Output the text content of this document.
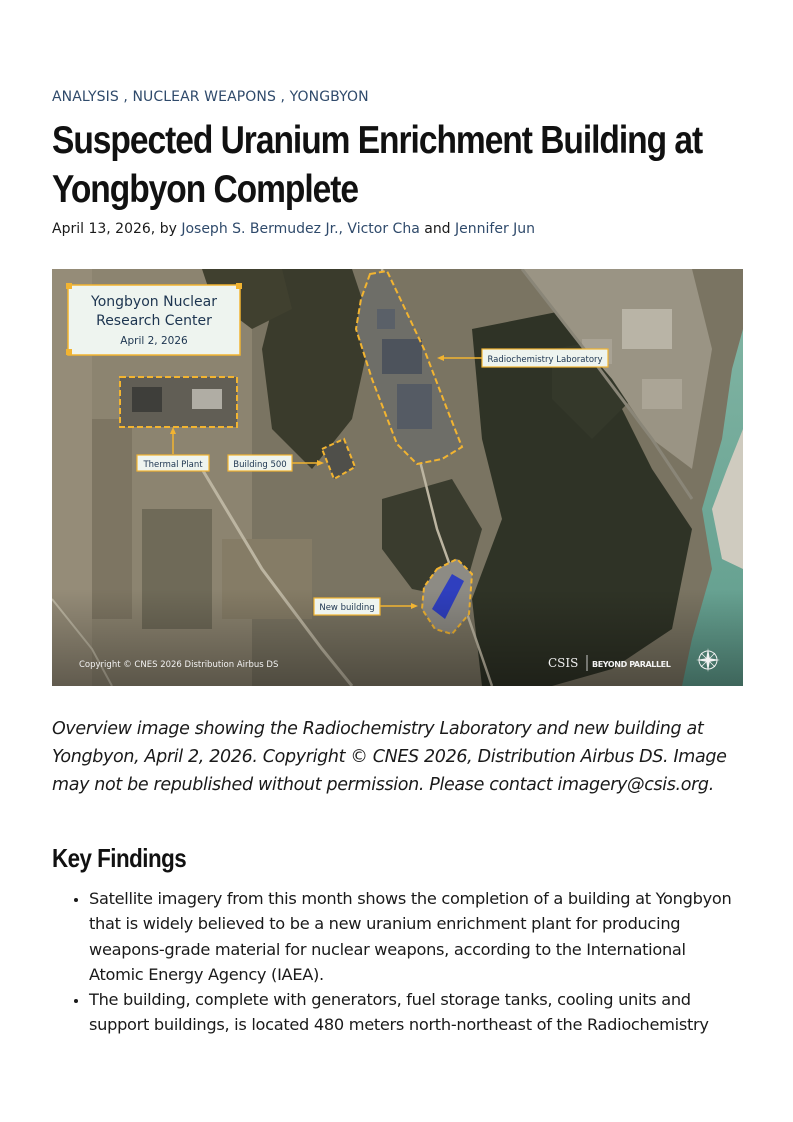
ANALYSIS , NUCLEAR WEAPONS , YONGBYON
Suspected Uranium Enrichment Building at Yongbyon Complete
April 13, 2026, by Joseph S. Bermudez Jr., Victor Cha and Jennifer Jun
Yongbyon Nuclear
Research Center
April 2, 2026
Radiochemistry Laboratory
Thermal Plant	Building 500
New building
Copyright © CNES 2026 Distribution Airbus DS	CSIS BEYOND PARALLEL

Overview image showing the Radiochemistry Laboratory and new building at Yongbyon, April 2, 2026. Copyright © CNES 2026, Distribution Airbus DS. Image may not be republished without permission. Please contact imagery@csis.org.

Key Findings
• Satellite imagery from this month shows the completion of a building at Yongbyon that is widely believed to be a new uranium enrichment plant for producing weapons-grade material for nuclear weapons, according to the International Atomic Energy Agency (IAEA).
• The building, complete with generators, fuel storage tanks, cooling units and support buildings, is located 480 meters north-northeast of the Radiochemistry
